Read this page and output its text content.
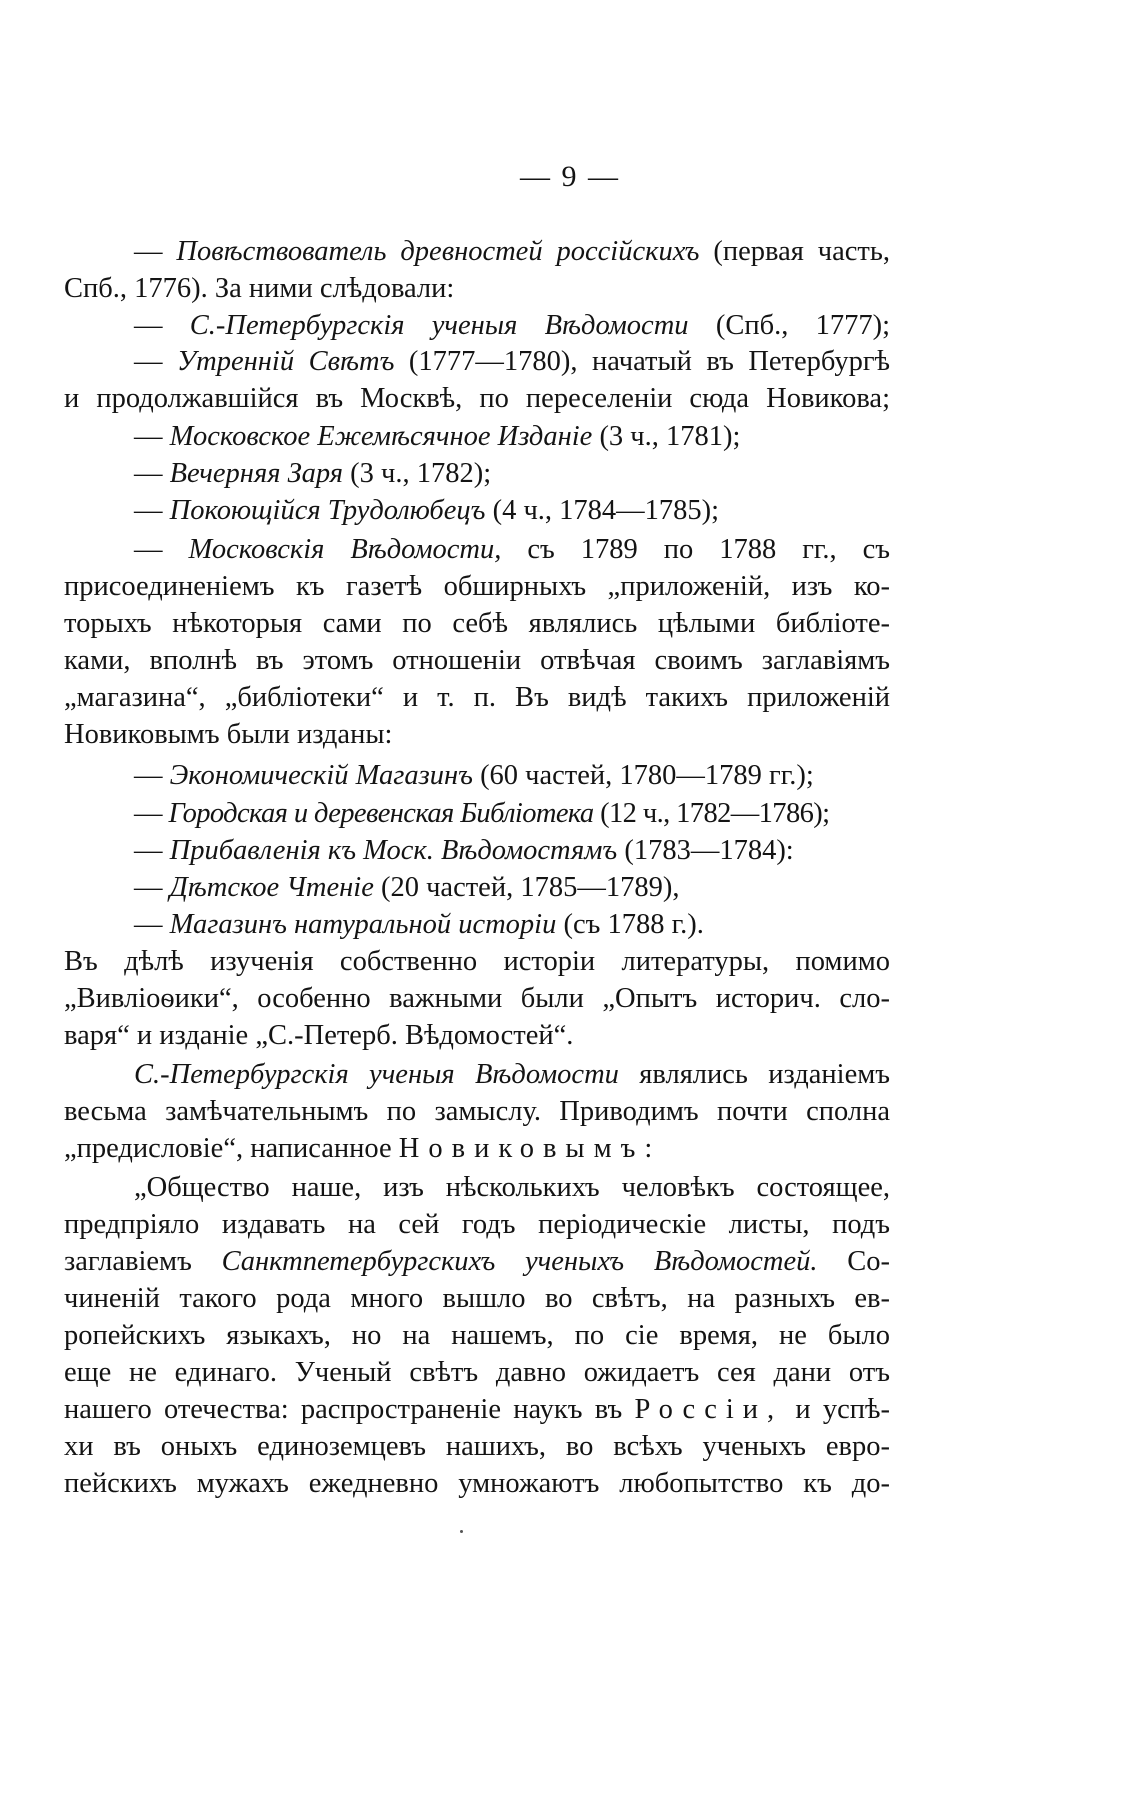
— 9 —
— Повѣствователь древностей россійскихъ (первая часть,
Спб., 1776). За ними слѣдовали:
— С.-Петербургскія ученыя Вѣдомости (Спб., 1777);
— Утренній Свѣтъ (1777—1780), начатый въ Петербургѣ
и продолжавшійся въ Москвѣ, по переселеніи сюда Новикова;
— Московское Ежемѣсячное Изданіе (3 ч., 1781);
— Вечерняя Заря (3 ч., 1782);
— Покоющійся Трудолюбецъ (4 ч., 1784—1785);
— Московскія Вѣдомости, съ 1789 по 1788 гг., съ
присоединеніемъ къ газетѣ обширныхъ „приложеній, изъ ко-
торыхъ нѣкоторыя сами по себѣ являлись цѣлыми библіоте-
ками, вполнѣ въ этомъ отношеніи отвѣчая своимъ заглавіямъ
„магазина“, „библіотеки“ и т. п. Въ видѣ такихъ приложеній
Новиковымъ были изданы:
— Экономическій Магазинъ (60 частей, 1780—1789 гг.);
— Городская и деревенская Библіотека (12 ч., 1782—1786);
— Прибавленія къ Моск. Вѣдомостямъ (1783—1784):
— Дѣтское Чтеніе (20 частей, 1785—1789),
— Магазинъ натуральной исторіи (съ 1788 г.).
Въ дѣлѣ изученія собственно исторіи литературы, помимо
„Вивліоѳики“, особенно важными были „Опытъ историч. сло-
варя“ и изданіе „С.-Петерб. Вѣдомостей“.
С.-Петербургскія ученыя Вѣдомости являлись изданіемъ
весьма замѣчательнымъ по замыслу. Приводимъ почти сполна
„предисловіе“, написанное Новиковымъ:
„Общество наше, изъ нѣсколькихъ человѣкъ состоящее,
предпріяло издавать на сей годъ періодическіе листы, подъ
заглавіемъ Санктпетербургскихъ ученыхъ Вѣдомостей. Со-
чиненій такого рода много вышло во свѣтъ, на разныхъ ев-
ропейскихъ языкахъ, но на нашемъ, по сіе время, не было
еще не единаго. Ученый свѣтъ давно ожидаетъ сея дани отъ
нашего отечества: распространеніе наукъ въ Россіи, и успѣ-
хи въ оныхъ единоземцевъ нашихъ, во всѣхъ ученыхъ евро-
пейскихъ мужахъ ежедневно умножаютъ любопытство къ до-
